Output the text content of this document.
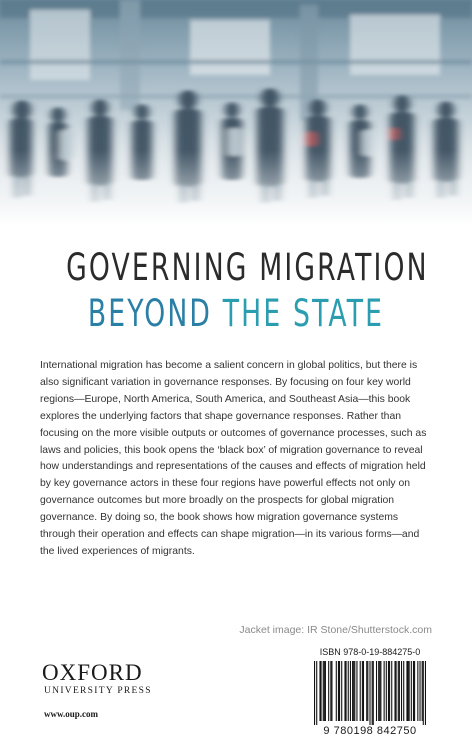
GOVERNING MIGRATION
BEYOND THE STATE

International migration has become a salient concern in global politics, but there is also significant variation in governance responses. By focusing on four key world regions—Europe, North America, South America, and Southeast Asia—this book explores the underlying factors that shape governance responses. Rather than focusing on the more visible outputs or outcomes of governance processes, such as laws and policies, this book opens the ‘black box’ of migration governance to reveal how understandings and representations of the causes and effects of migration held by key governance actors in these four regions have powerful effects not only on governance outcomes but more broadly on the prospects for global migration governance. By doing so, the book shows how migration governance systems through their operation and effects can shape migration—in its various forms—and the lived experiences of migrants.

Jacket image: IR Stone/Shutterstock.com
OXFORD
UNIVERSITY PRESS
www.oup.com
ISBN 978-0-19-884275-0
9 780198 842750
